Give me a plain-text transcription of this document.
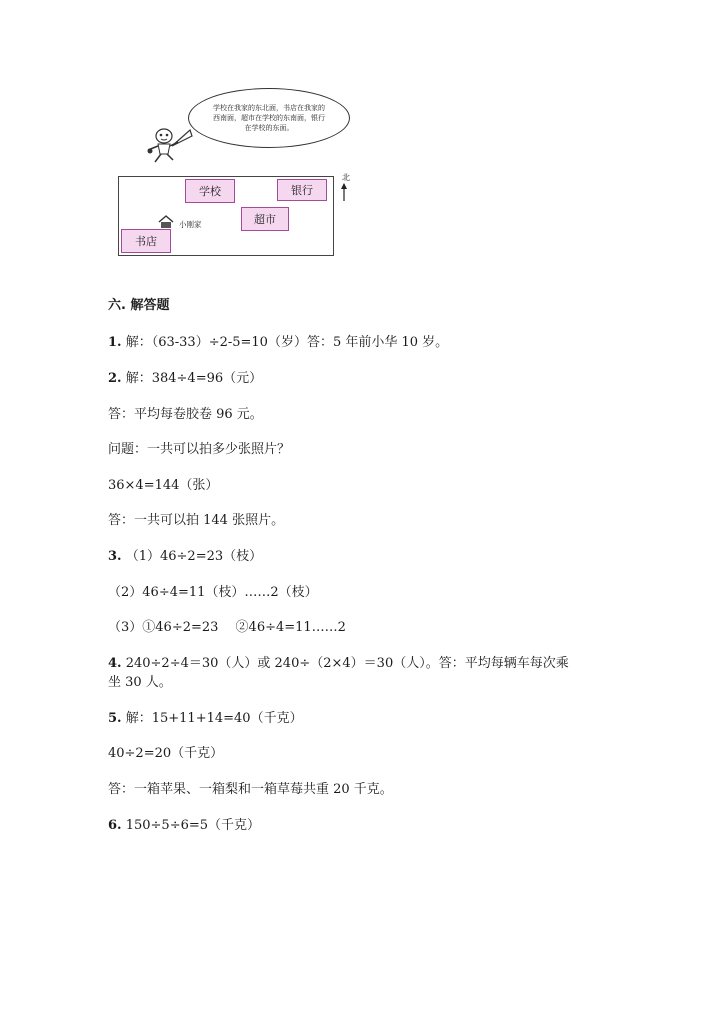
学校在我家的东北面，书店在我家的西南面，超市在学校的东南面，银行在学校的东面。
北
学校	银行
超市
书店
小刚家
六. 解答题
1. 解：（63-33）÷2-5=10（岁）答：5 年前小华 10 岁。
2. 解：384÷4=96（元）
答：平均每卷胶卷 96 元。
问题：一共可以拍多少张照片？
36×4=144（张）
答：一共可以拍 144 张照片。
3. （1）46÷2=23（枝）
（2）46÷4=11（枝）……2（枝）
（3）①46÷2=23　 ②46÷4=11……2
4. 240÷2÷4＝30（人）或 240÷（2×4）＝30（人）。答：平均每辆车每次乘
坐 30 人。
5. 解：15+11+14=40（千克）
40÷2=20（千克）
答：一箱苹果、一箱梨和一箱草莓共重 20 千克。
6. 150÷5÷6=5（千克）
